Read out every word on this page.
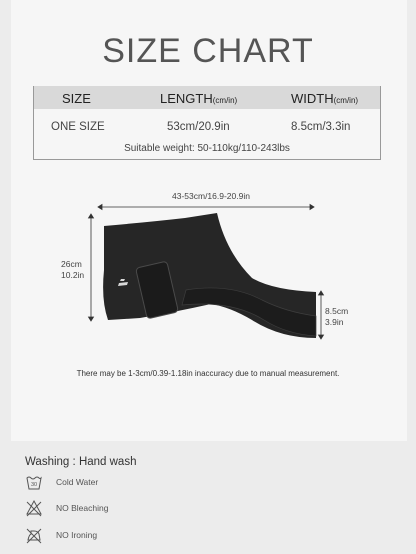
SIZE CHART
SIZE	LENGTH(cm/in)	WIDTH(cm/in)
ONE SIZE	53cm/20.9in	8.5cm/3.3in
Suitable weight: 50-110kg/110-243lbs
43-53cm/16.9-20.9in
26cm
10.2in
8.5cm
3.9in
There may be 1-3cm/0.39-1.18in inaccuracy due to manual measurement.
Washing : Hand wash
30 Cold Water
NO Bleaching
NO Ironing
